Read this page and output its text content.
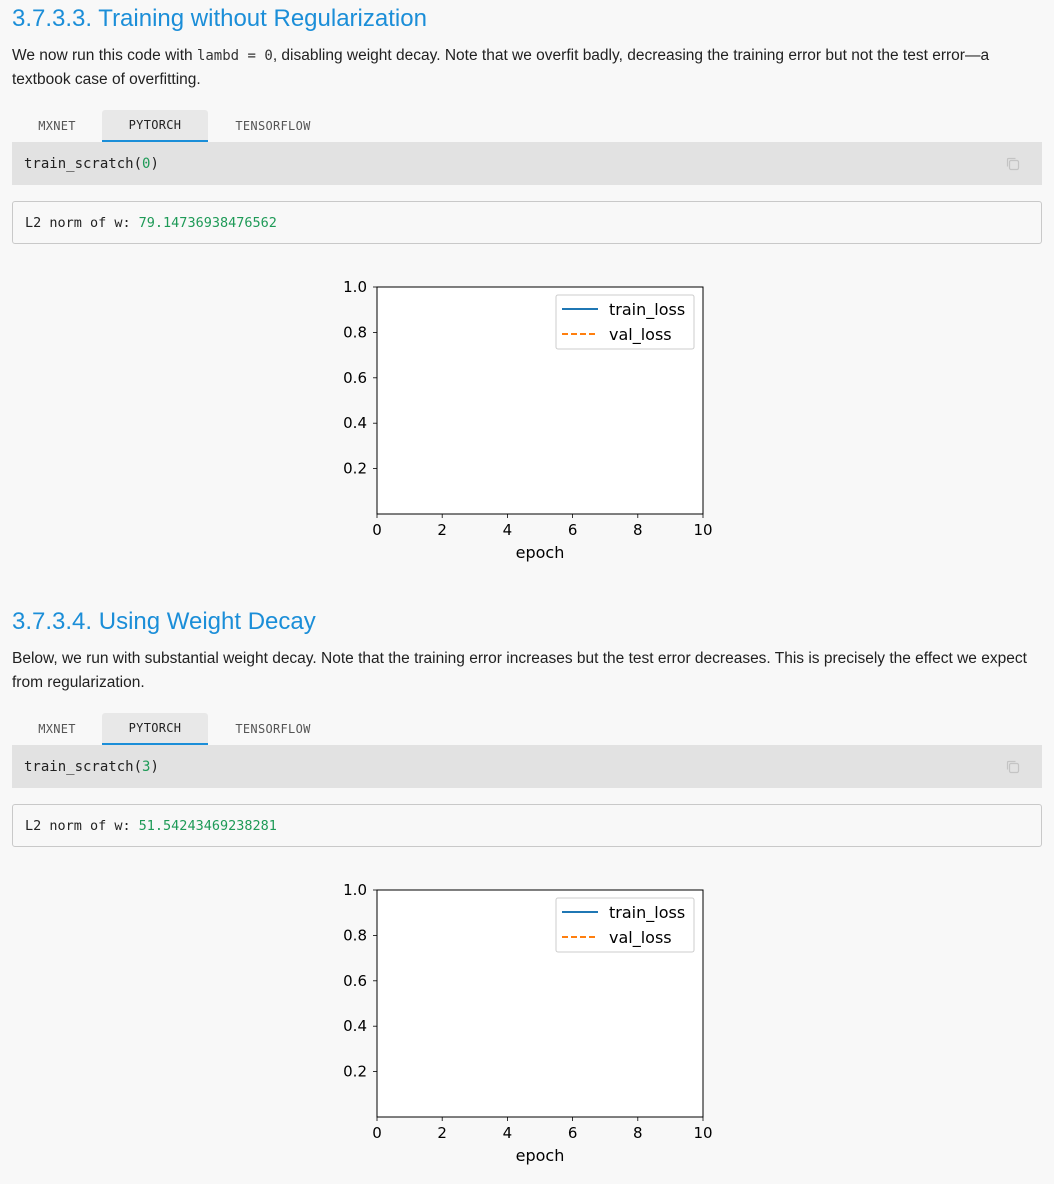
3.7.3.3. Training without Regularization

We now run this code with lambd = 0, disabling weight decay. Note that we overfit badly, decreasing the training error but not the test error—a textbook case of overfitting.

MXNET	PYTORCH	TENSORFLOW
train_scratch( 0 )
L2 norm of w: 79.14736938476562
0	2	4	6	8	10
0.2
0.4
0.6
0.8
1.0
epoch
train_loss
val_loss
3.7.3.4. Using Weight Decay

Below, we run with substantial weight decay. Note that the training error increases but the test error decreases. This is precisely the effect we expect from regularization.

MXNET	PYTORCH	TENSORFLOW
train_scratch( 3 )
L2 norm of w: 51.54243469238281
0	2	4	6	8	10
0.2
0.4
0.6
0.8
1.0
epoch
train_loss
val_loss
